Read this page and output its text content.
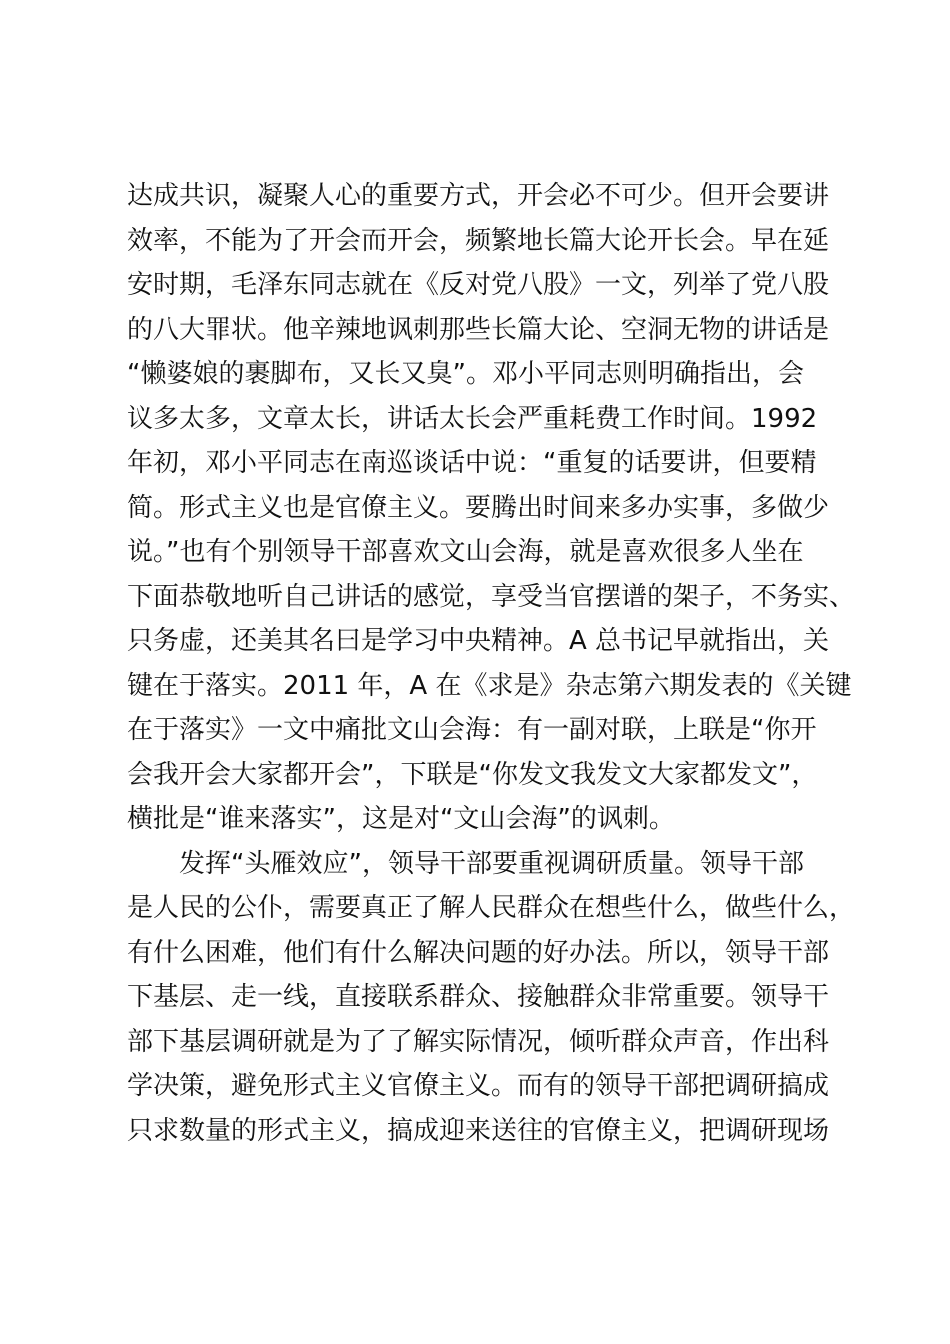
达成共识，凝聚人心的重要方式，开会必不可少。但开会要讲
效率，不能为了开会而开会，频繁地长篇大论开长会。早在延
安时期，毛泽东同志就在《反对党八股》一文，列举了党八股
的八大罪状。他辛辣地讽刺那些长篇大论、空洞无物的讲话是
“懒婆娘的裹脚布，又长又臭”。邓小平同志则明确指出，会
议多太多，文章太长，讲话太长会严重耗费工作时间。1992
年初，邓小平同志在南巡谈话中说：“重复的话要讲，但要精
简。形式主义也是官僚主义。要腾出时间来多办实事，多做少
说。”也有个别领导干部喜欢文山会海，就是喜欢很多人坐在
下面恭敬地听自己讲话的感觉，享受当官摆谱的架子，不务实、
只务虚，还美其名曰是学习中央精神。A 总书记早就指出，关
键在于落实。2011 年，A 在《求是》杂志第六期发表的《关键
在于落实》一文中痛批文山会海：有一副对联，上联是“你开
会我开会大家都开会”，下联是“你发文我发文大家都发文”，
横批是“谁来落实”，这是对“文山会海”的讽刺。
　　发挥“头雁效应”，领导干部要重视调研质量。领导干部
是人民的公仆，需要真正了解人民群众在想些什么，做些什么，
有什么困难，他们有什么解决问题的好办法。所以，领导干部
下基层、走一线，直接联系群众、接触群众非常重要。领导干
部下基层调研就是为了了解实际情况，倾听群众声音，作出科
学决策，避免形式主义官僚主义。而有的领导干部把调研搞成
只求数量的形式主义，搞成迎来送往的官僚主义，把调研现场
